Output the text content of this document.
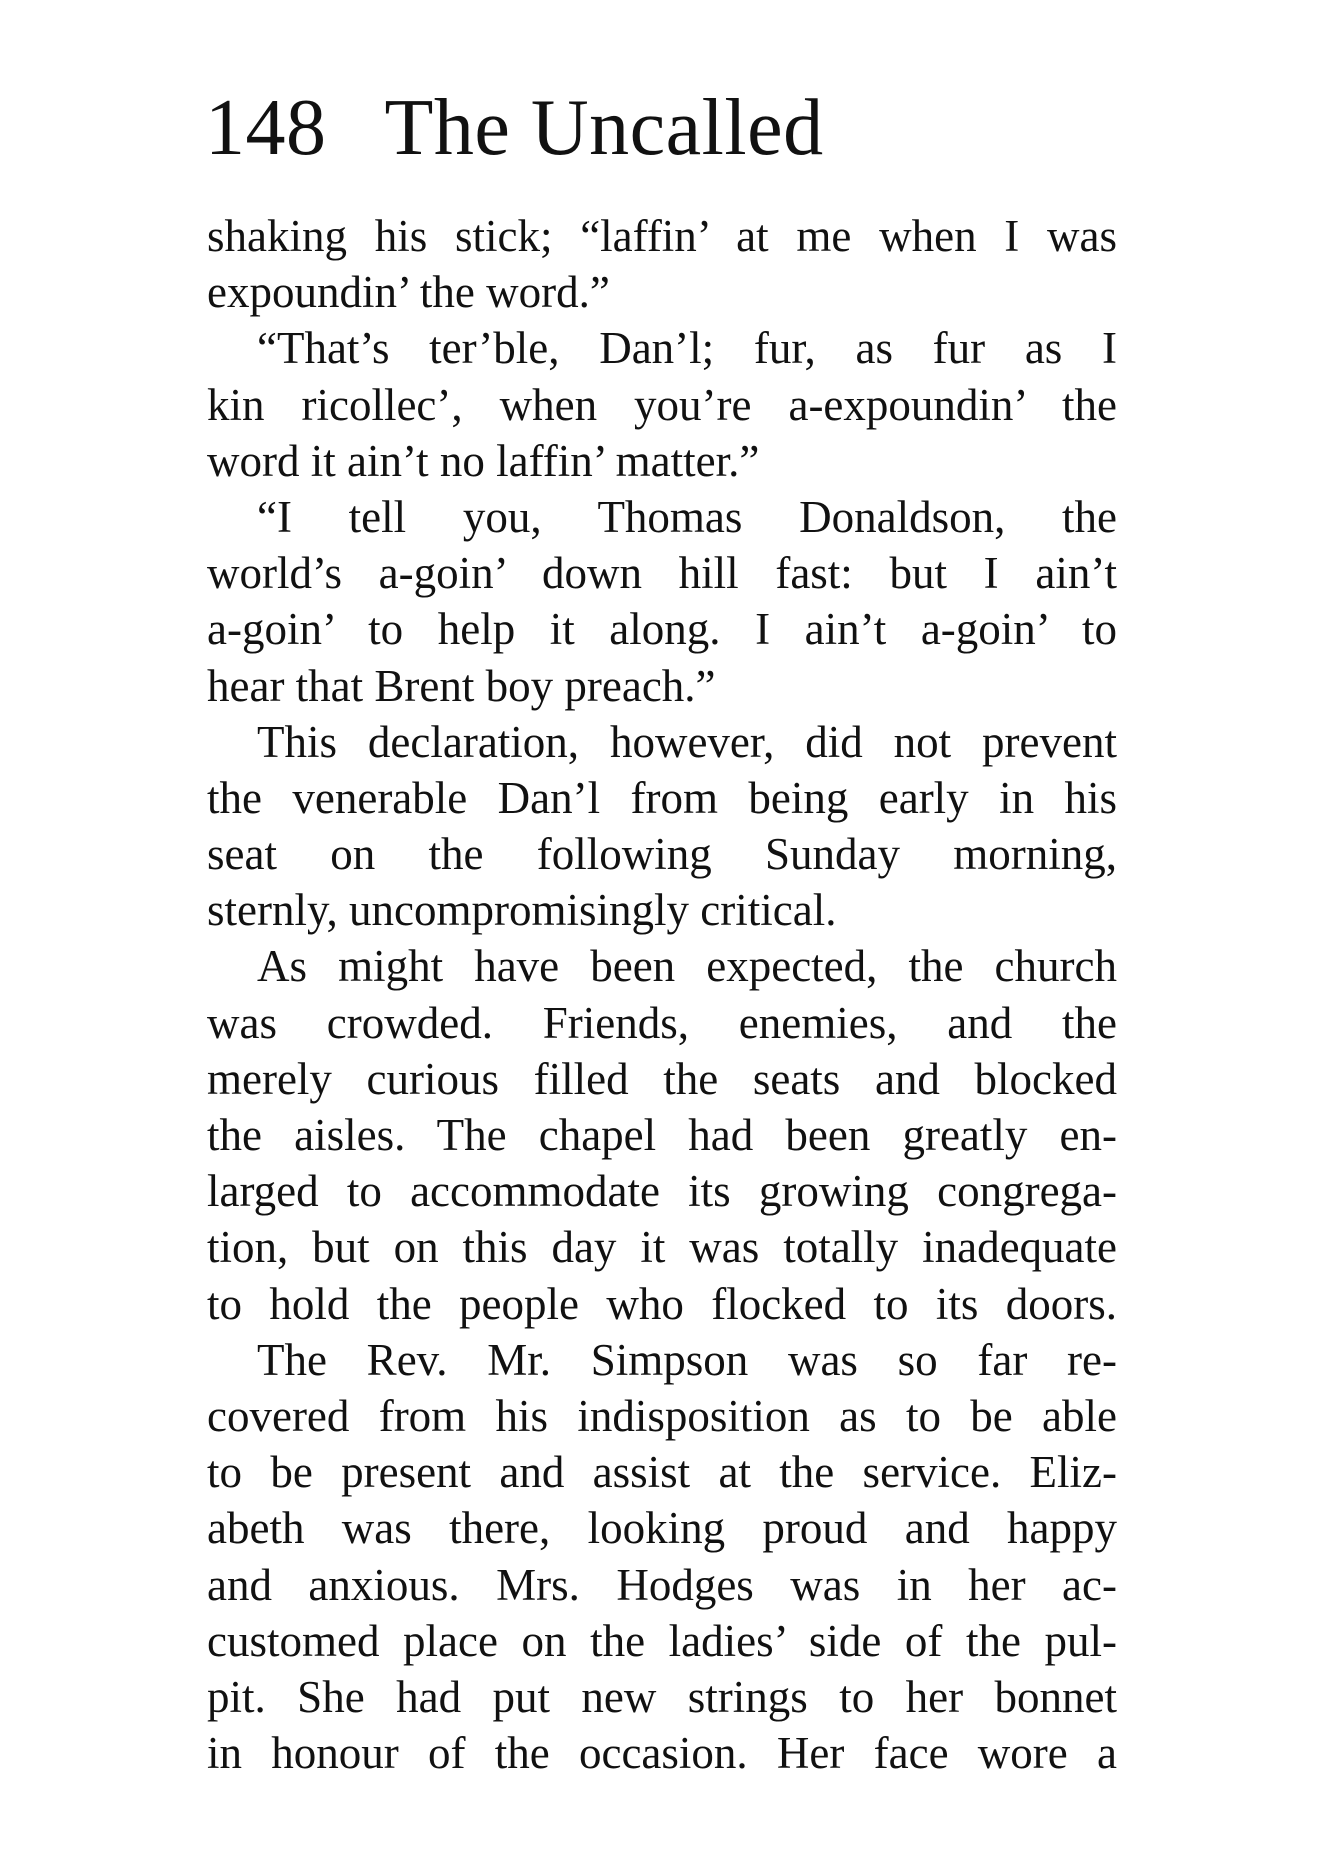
148 The Uncalled
shaking his stick; “laffin’ at me when I was
expoundin’ the word.”
“That’s ter’ble, Dan’l; fur, as fur as I
kin ricollec’, when you’re a-expoundin’ the
word it ain’t no laffin’ matter.”
“I tell you, Thomas Donaldson, the
world’s a-goin’ down hill fast: but I ain’t
a-goin’ to help it along. I ain’t a-goin’ to
hear that Brent boy preach.”
This declaration, however, did not prevent
the venerable Dan’l from being early in his
seat on the following Sunday morning,
sternly, uncompromisingly critical.
As might have been expected, the church
was crowded. Friends, enemies, and the
merely curious filled the seats and blocked
the aisles. The chapel had been greatly en-
larged to accommodate its growing congrega-
tion, but on this day it was totally inadequate
to hold the people who flocked to its doors.
The Rev. Mr. Simpson was so far re-
covered from his indisposition as to be able
to be present and assist at the service. Eliz-
abeth was there, looking proud and happy
and anxious. Mrs. Hodges was in her ac-
customed place on the ladies’ side of the pul-
pit. She had put new strings to her bonnet
in honour of the occasion. Her face wore a
